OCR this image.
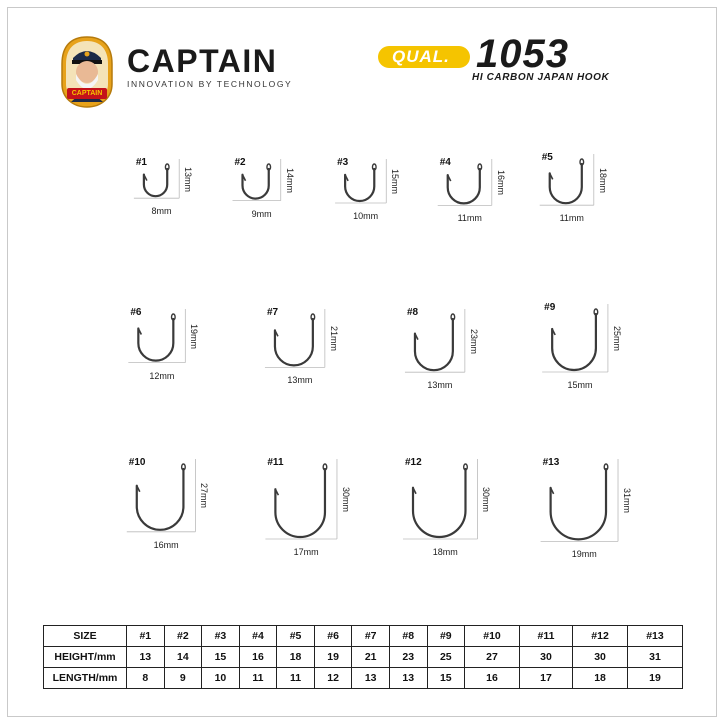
CAPTAIN
CAPTAIN
INNOVATION BY TECHNOLOGY
QUAL. 1053
HI CARBON JAPAN HOOK
#1
8mm
13mm
#2
9mm
14mm
#3
10mm
15mm
#4
11mm
16mm
#5
11mm
18mm
#6
12mm
19mm
#7
13mm
21mm
#8
13mm
23mm
#9
15mm
25mm
#10
16mm
27mm
#11
17mm
30mm
#12
18mm
30mm
#13
19mm
31mm
SIZE	#1	#2	#3	#4	#5	#6	#7	#8	#9	#10	#11	#12	#13
HEIGHT/mm	13	14	15	16	18	19	21	23	25	27	30	30	31
LENGTH/mm	8	9	10	11	11	12	13	13	15	16	17	18	19
